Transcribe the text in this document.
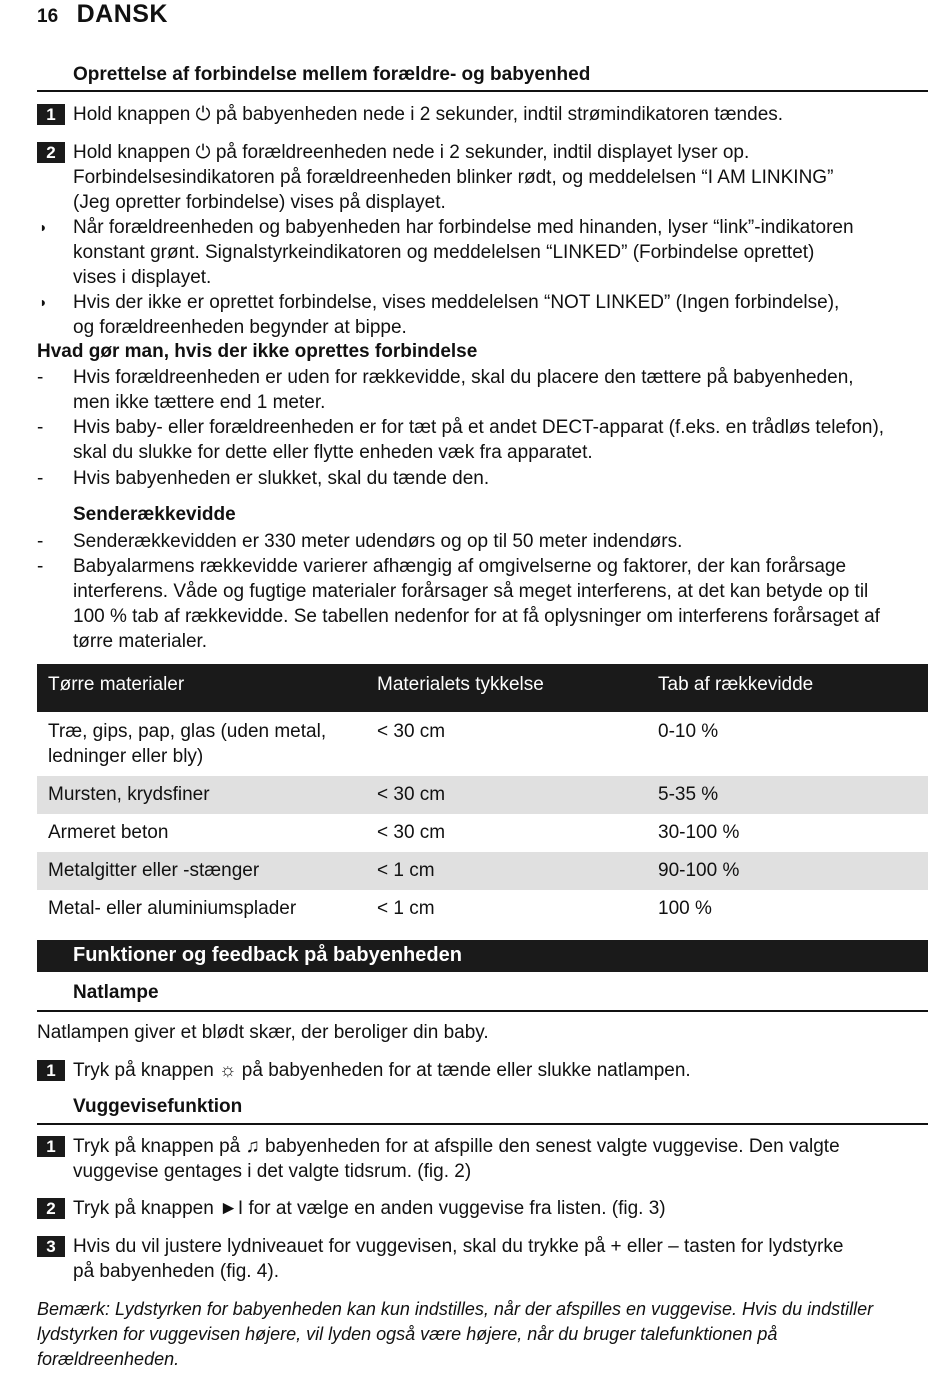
16 DANSK
Oprettelse af forbindelse mellem forældre- og babyenhed
1 Hold knappen ⏻ på babyenheden nede i 2 sekunder, indtil strømindikatoren tændes.
2 Hold knappen ⏻ på forældreenheden nede i 2 sekunder, indtil displayet lyser op.
Forbindelsesindikatoren på forældreenheden blinker rødt, og meddelelsen “I AM LINKING”
(Jeg opretter forbindelse) vises på displayet.
◗ Når forældreenheden og babyenheden har forbindelse med hinanden, lyser “link”-indikatoren
konstant grønt. Signalstyrkeindikatoren og meddelelsen “LINKED” (Forbindelse oprettet)
vises i displayet.
◗ Hvis der ikke er oprettet forbindelse, vises meddelelsen “NOT LINKED” (Ingen forbindelse),
og forældreenheden begynder at bippe.
Hvad gør man, hvis der ikke oprettes forbindelse
- Hvis forældreenheden er uden for rækkevidde, skal du placere den tættere på babyenheden,
men ikke tættere end 1 meter.
- Hvis baby- eller forældreenheden er for tæt på et andet DECT-apparat (f.eks. en trådløs telefon),
skal du slukke for dette eller flytte enheden væk fra apparatet.
- Hvis babyenheden er slukket, skal du tænde den.
Senderækkevidde
- Senderækkevidden er 330 meter udendørs og op til 50 meter indendørs.
- Babyalarmens rækkevidde varierer afhængig af omgivelserne og faktorer, der kan forårsage
interferens. Våde og fugtige materialer forårsager så meget interferens, at det kan betyde op til
100 % tab af rækkevidde. Se tabellen nedenfor for at få oplysninger om interferens forårsaget af
tørre materialer.
Tørre materialer	Materialets tykkelse	Tab af rækkevidde
Træ, gips, pap, glas (uden metal,
ledninger eller bly)
< 30 cm	0-10 %
Mursten, krydsfiner	< 30 cm	5-35 %
Armeret beton	< 30 cm	30-100 %
Metalgitter eller -stænger	< 1 cm	90-100 %
Metal- eller aluminiumsplader	< 1 cm	100 %
Funktioner og feedback på babyenheden
Natlampe
Natlampen giver et blødt skær, der beroliger din baby.
1 Tryk på knappen ☼ på babyenheden for at tænde eller slukke natlampen.
Vuggevisefunktion
1 Tryk på knappen på ♫ babyenheden for at afspille den senest valgte vuggevise. Den valgte
vuggevise gentages i det valgte tidsrum. (fig. 2)
2 Tryk på knappen ►I for at vælge en anden vuggevise fra listen. (fig. 3)
3 Hvis du vil justere lydniveauet for vuggevisen, skal du trykke på + eller – tasten for lydstyrke
på babyenheden (fig. 4).
Bemærk: Lydstyrken for babyenheden kan kun indstilles, når der afspilles en vuggevise. Hvis du indstiller
lydstyrken for vuggevisen højere, vil lyden også være højere, når du bruger talefunktionen på
forældreenheden.
